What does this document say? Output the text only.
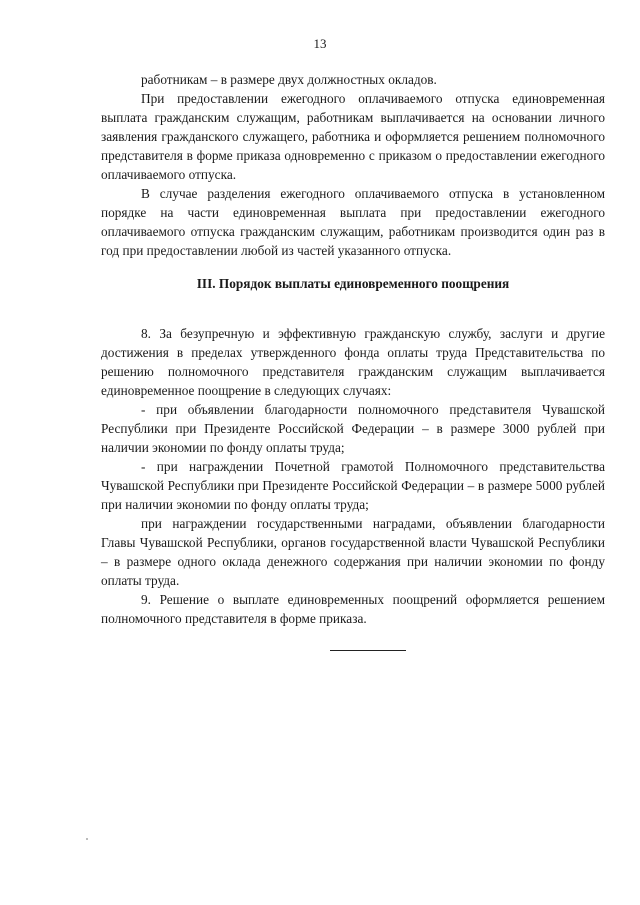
13

работникам – в размере двух должностных окладов.

При предоставлении ежегодного оплачиваемого отпуска единовременная выплата гражданским служащим, работникам выплачивается на основании личного заявления гражданского служащего, работника и оформляется решением полномочного представителя в форме приказа одновременно с приказом о предоставлении ежегодного оплачиваемого отпуска.

В случае разделения ежегодного оплачиваемого отпуска в установленном порядке на части единовременная выплата при предоставлении ежегодного оплачиваемого отпуска гражданским служащим, работникам производится один раз в год при предоставлении любой из частей указанного отпуска.

III. Порядок выплаты единовременного поощрения

8. За безупречную и эффективную гражданскую службу, заслуги и другие достижения в пределах утвержденного фонда оплаты труда Представительства по решению полномочного представителя гражданским служащим выплачивается единовременное поощрение в следующих случаях:

- при объявлении благодарности полномочного представителя Чувашской Республики при Президенте Российской Федерации – в размере 3000 рублей при наличии экономии по фонду оплаты труда;

- при награждении Почетной грамотой Полномочного представительства Чувашской Республики при Президенте Российской Федерации – в размере 5000 рублей при наличии экономии по фонду оплаты труда;

при награждении государственными наградами, объявлении благодарности Главы Чувашской Республики, органов государственной власти Чувашской Республики – в размере одного оклада денежного содержания при наличии экономии по фонду оплаты труда.

9. Решение о выплате единовременных поощрений оформляется решением полномочного представителя в форме приказа.
